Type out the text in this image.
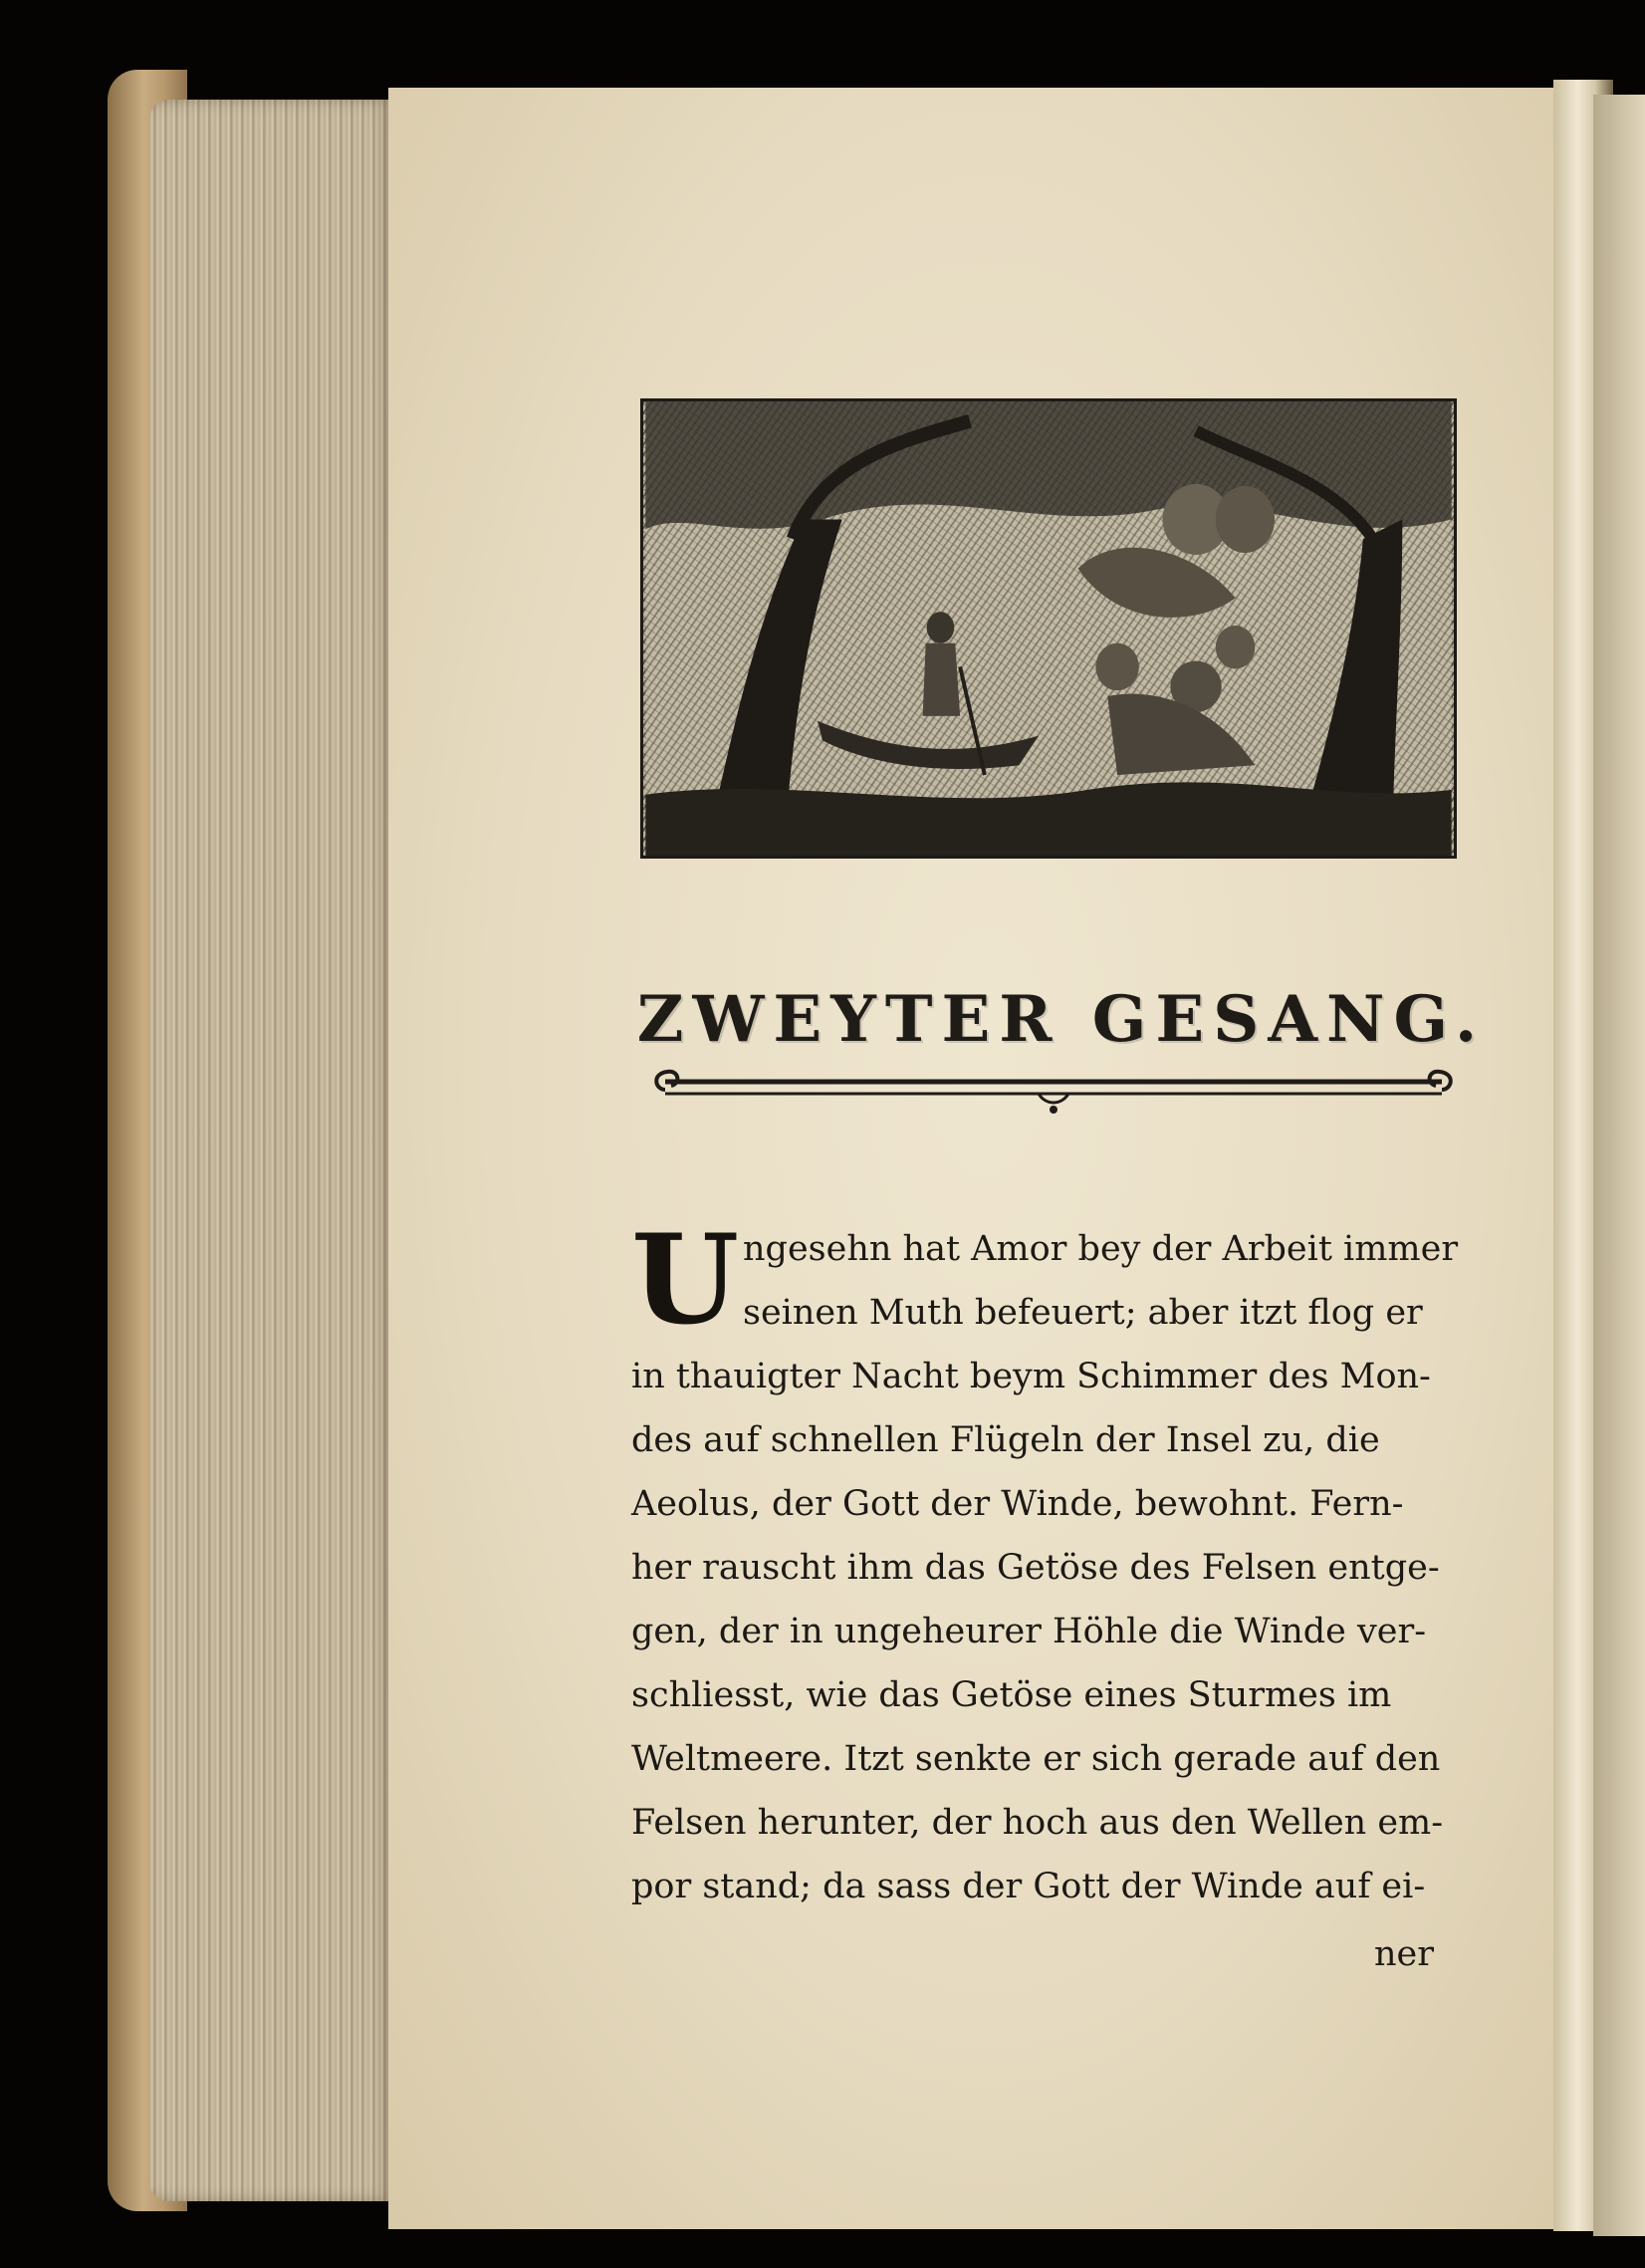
ZWEYTER GESANG.
U ngesehn hat Amor bey der Arbeit immer
seinen Muth befeuert; aber itzt flog er
in thauigter Nacht beym Schimmer des Mon-
des auf schnellen Flügeln der Insel zu, die
Aeolus, der Gott der Winde, bewohnt. Fern-
her rauscht ihm das Getöse des Felsen entge-
gen, der in ungeheurer Höhle die Winde ver-
schliesst, wie das Getöse eines Sturmes im
Weltmeere. Itzt senkte er sich gerade auf den
Felsen herunter, der hoch aus den Wellen em-
por stand; da sass der Gott der Winde auf ei-
ner
